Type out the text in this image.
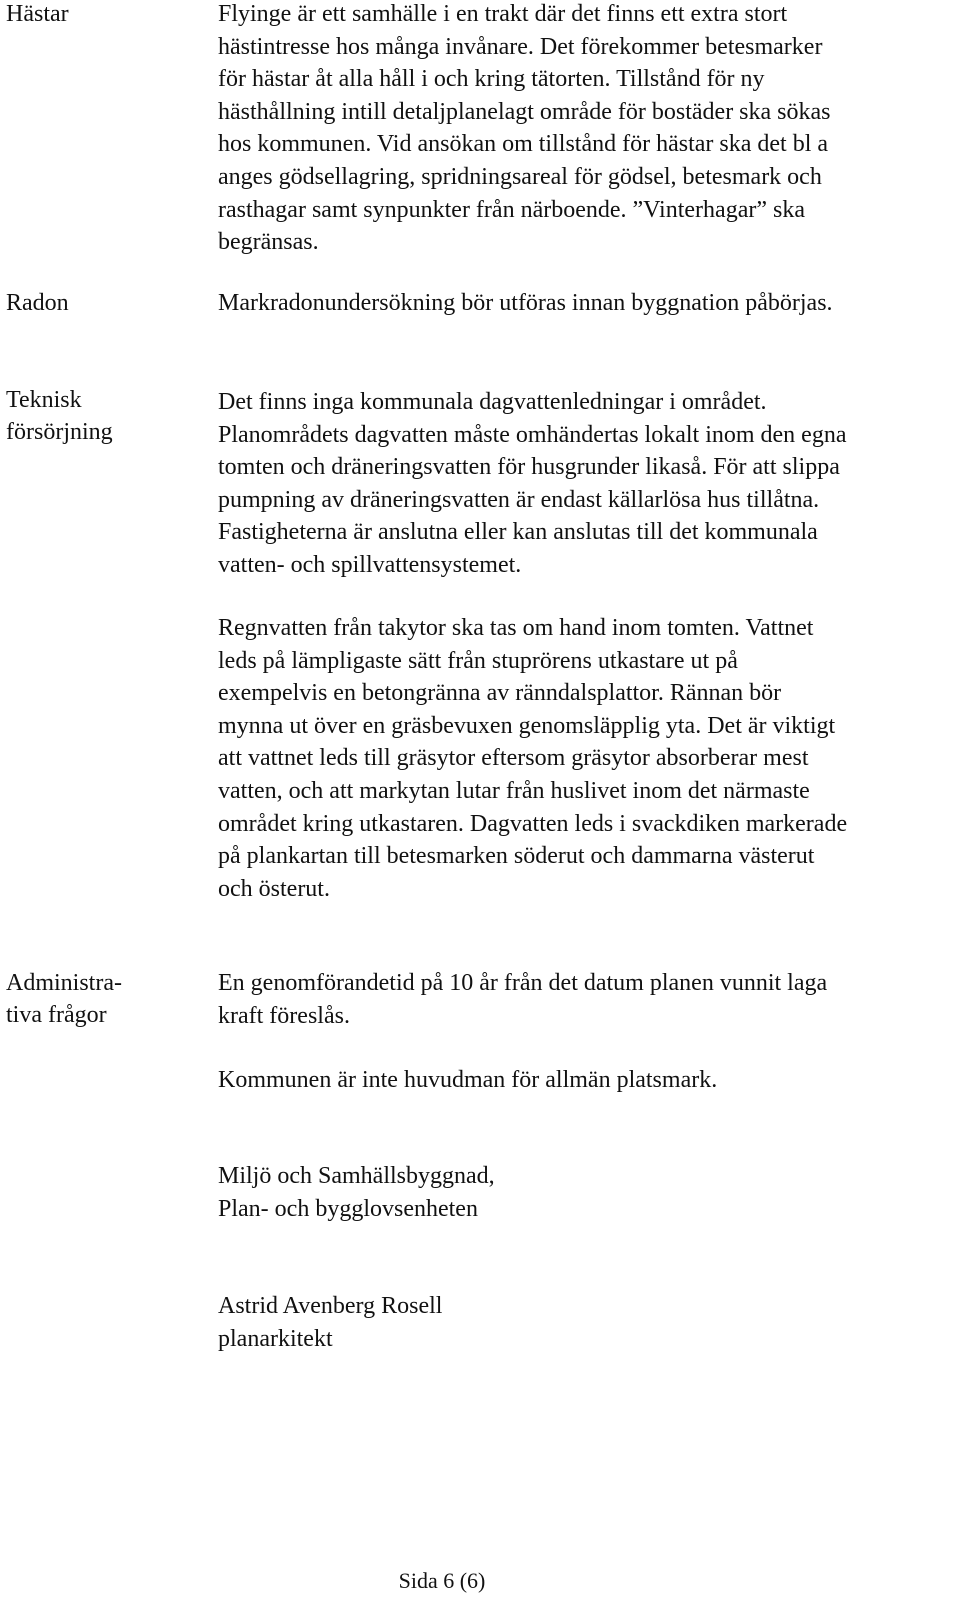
Hästar	Flyinge är ett samhälle i en trakt där det finns ett extra stort
hästintresse hos många invånare. Det förekommer betesmarker
för hästar åt alla håll i och kring tätorten. Tillstånd för ny
hästhållning intill detaljplanelagt område för bostäder ska sökas
hos kommunen. Vid ansökan om tillstånd för hästar ska det bl a
anges gödsellagring, spridningsareal för gödsel, betesmark och
rasthagar samt synpunkter från närboende. ”Vinterhagar” ska
begränsas.
Radon	Markradonundersökning bör utföras innan byggnation påbörjas.
Teknisk
försörjning
Det finns inga kommunala dagvattenledningar i området.
Planområdets dagvatten måste omhändertas lokalt inom den egna
tomten och dräneringsvatten för husgrunder likaså. För att slippa
pumpning av dräneringsvatten är endast källarlösa hus tillåtna.
Fastigheterna är anslutna eller kan anslutas till det kommunala
vatten- och spillvattensystemet.
Regnvatten från takytor ska tas om hand inom tomten. Vattnet
leds på lämpligaste sätt från stuprörens utkastare ut på
exempelvis en betongränna av ränndalsplattor. Rännan bör
mynna ut över en gräsbevuxen genomsläpplig yta. Det är viktigt
att vattnet leds till gräsytor eftersom gräsytor absorberar mest
vatten, och att markytan lutar från huslivet inom det närmaste
området kring utkastaren. Dagvatten leds i svackdiken markerade
på plankartan till betesmarken söderut och dammarna västerut
och österut.
Administra-
tiva frågor
En genomförandetid på 10 år från det datum planen vunnit laga
kraft föreslås.
Kommunen är inte huvudman för allmän platsmark.
Miljö och Samhällsbyggnad,
Plan- och bygglovsenheten
Astrid Avenberg Rosell
planarkitekt
Sida 6 (6)
